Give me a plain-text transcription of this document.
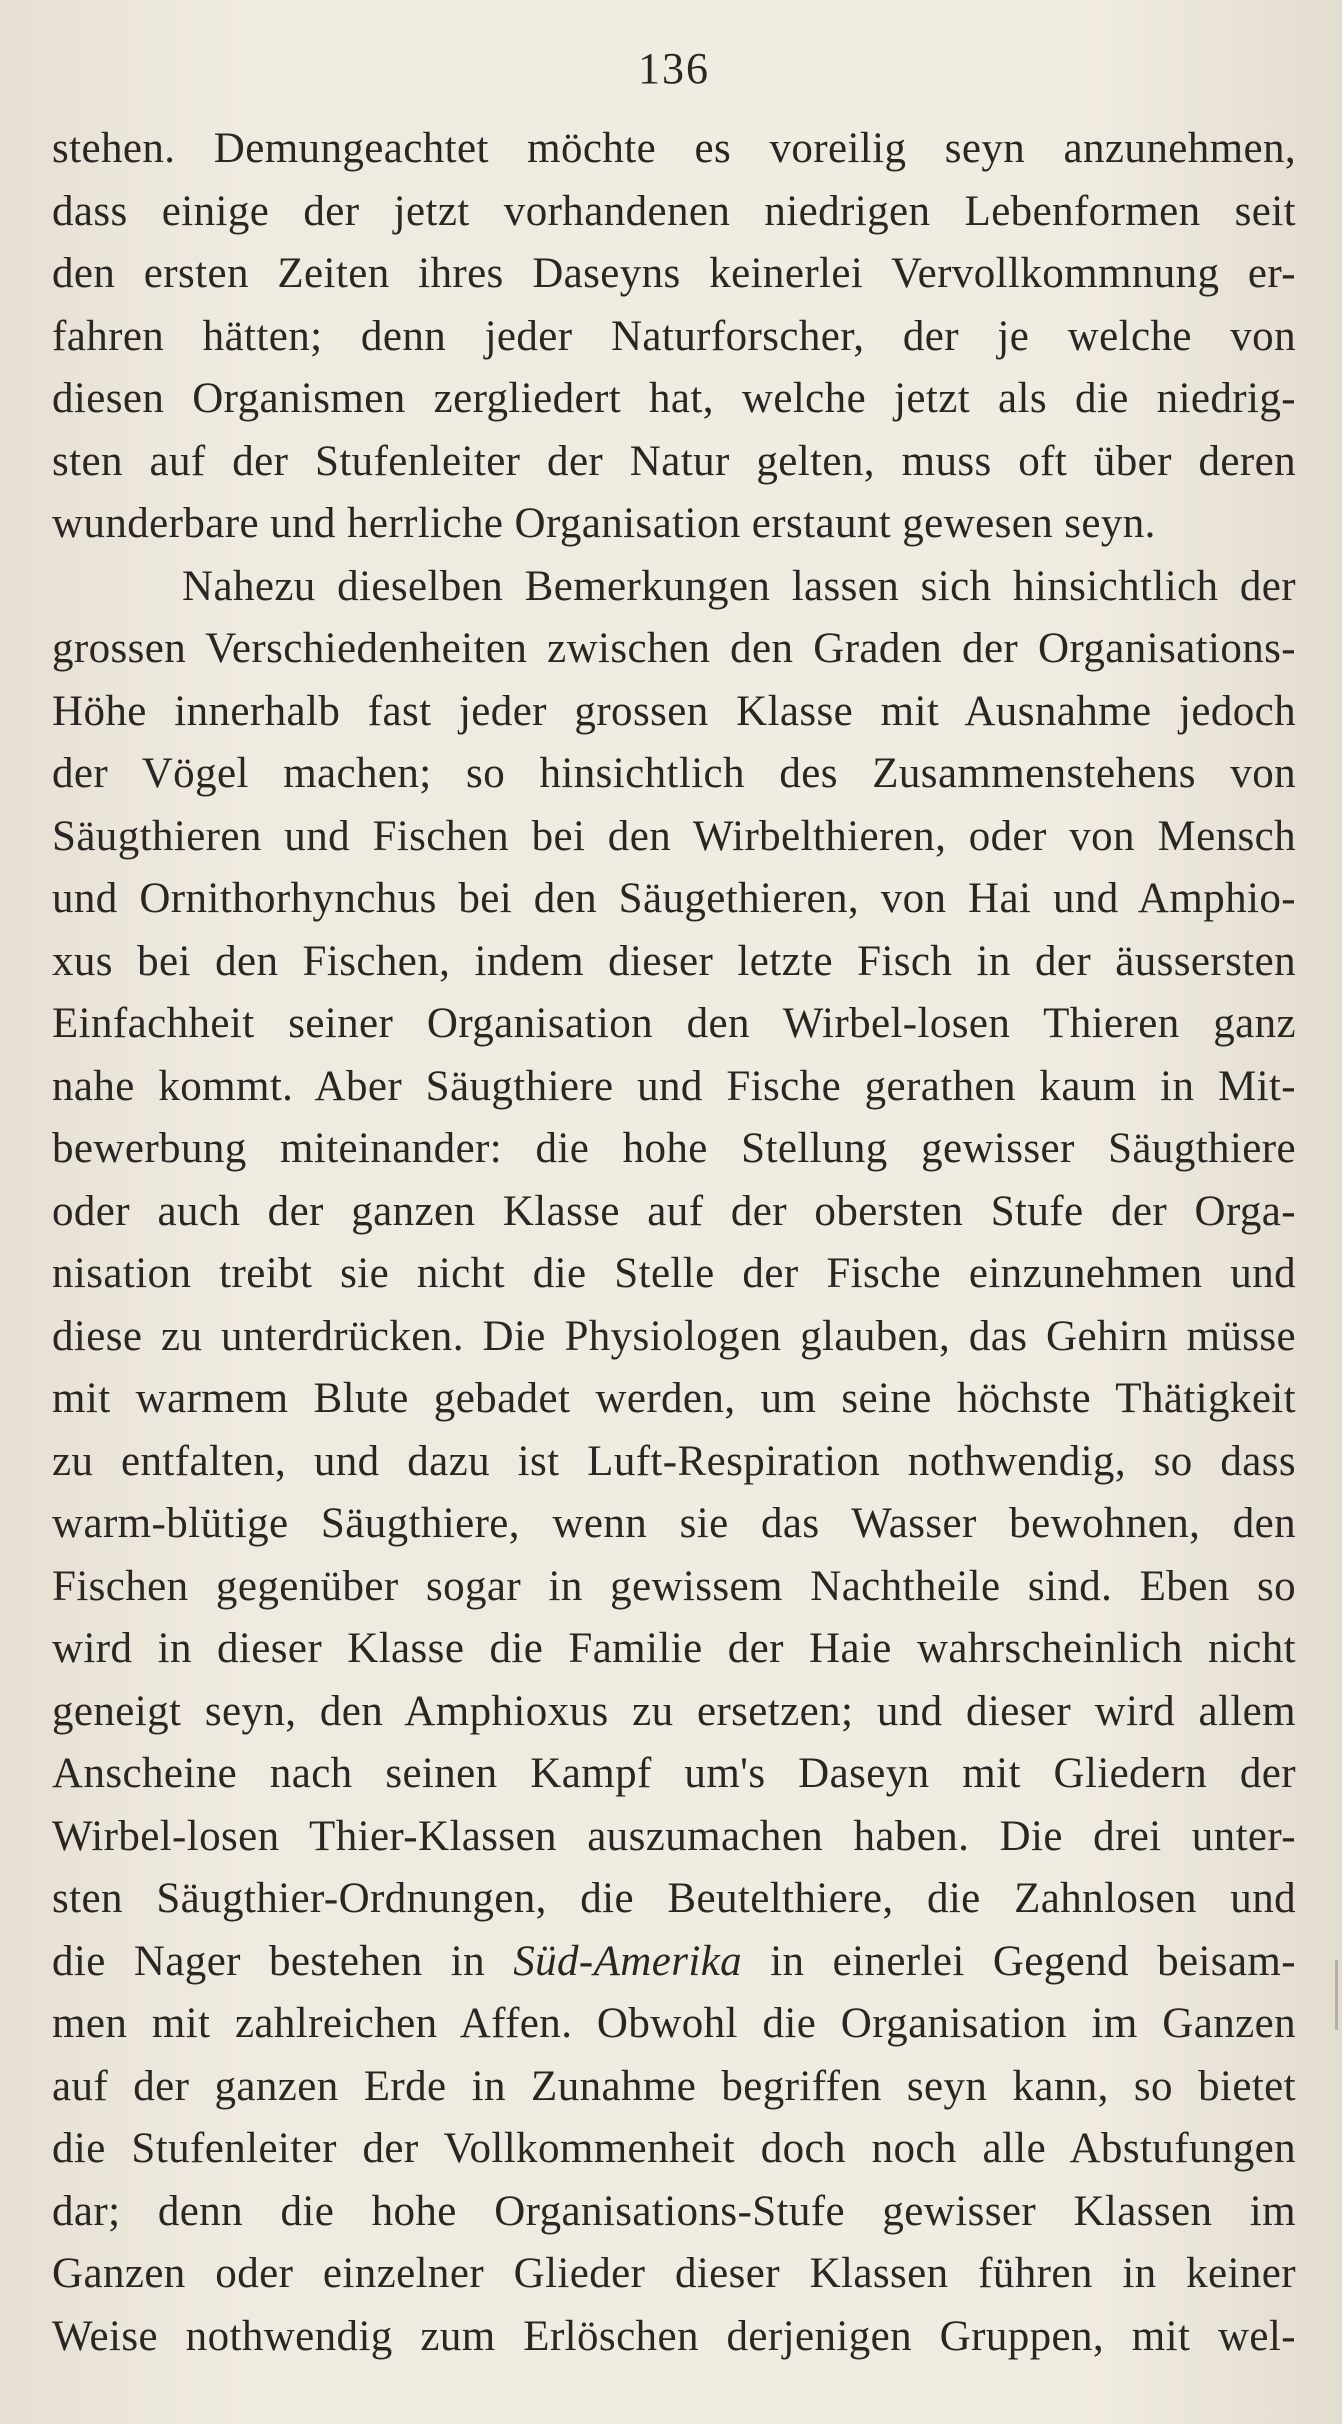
136
stehen. Demungeachtet möchte es voreilig seyn anzunehmen,
dass einige der jetzt vorhandenen niedrigen Lebenformen seit
den ersten Zeiten ihres Daseyns keinerlei Vervollkommnung er-
fahren hätten; denn jeder Naturforscher, der je welche von
diesen Organismen zergliedert hat, welche jetzt als die niedrig-
sten auf der Stufenleiter der Natur gelten, muss oft über deren
wunderbare und herrliche Organisation erstaunt gewesen seyn.
Nahezu dieselben Bemerkungen lassen sich hinsichtlich der
grossen Verschiedenheiten zwischen den Graden der Organisations-
Höhe innerhalb fast jeder grossen Klasse mit Ausnahme jedoch
der Vögel machen; so hinsichtlich des Zusammenstehens von
Säugthieren und Fischen bei den Wirbelthieren, oder von Mensch
und Ornithorhynchus bei den Säugethieren, von Hai und Amphio-
xus bei den Fischen, indem dieser letzte Fisch in der äussersten
Einfachheit seiner Organisation den Wirbel-losen Thieren ganz
nahe kommt. Aber Säugthiere und Fische gerathen kaum in Mit-
bewerbung miteinander: die hohe Stellung gewisser Säugthiere
oder auch der ganzen Klasse auf der obersten Stufe der Orga-
nisation treibt sie nicht die Stelle der Fische einzunehmen und
diese zu unterdrücken. Die Physiologen glauben, das Gehirn müsse
mit warmem Blute gebadet werden, um seine höchste Thätigkeit
zu entfalten, und dazu ist Luft-Respiration nothwendig, so dass
warm-blütige Säugthiere, wenn sie das Wasser bewohnen, den
Fischen gegenüber sogar in gewissem Nachtheile sind. Eben so
wird in dieser Klasse die Familie der Haie wahrscheinlich nicht
geneigt seyn, den Amphioxus zu ersetzen; und dieser wird allem
Anscheine nach seinen Kampf um's Daseyn mit Gliedern der
Wirbel-losen Thier-Klassen auszumachen haben. Die drei unter-
sten Säugthier-Ordnungen, die Beutelthiere, die Zahnlosen und
die Nager bestehen in Süd-Amerika in einerlei Gegend beisam-
men mit zahlreichen Affen. Obwohl die Organisation im Ganzen
auf der ganzen Erde in Zunahme begriffen seyn kann, so bietet
die Stufenleiter der Vollkommenheit doch noch alle Abstufungen
dar; denn die hohe Organisations-Stufe gewisser Klassen im
Ganzen oder einzelner Glieder dieser Klassen führen in keiner
Weise nothwendig zum Erlöschen derjenigen Gruppen, mit wel-
